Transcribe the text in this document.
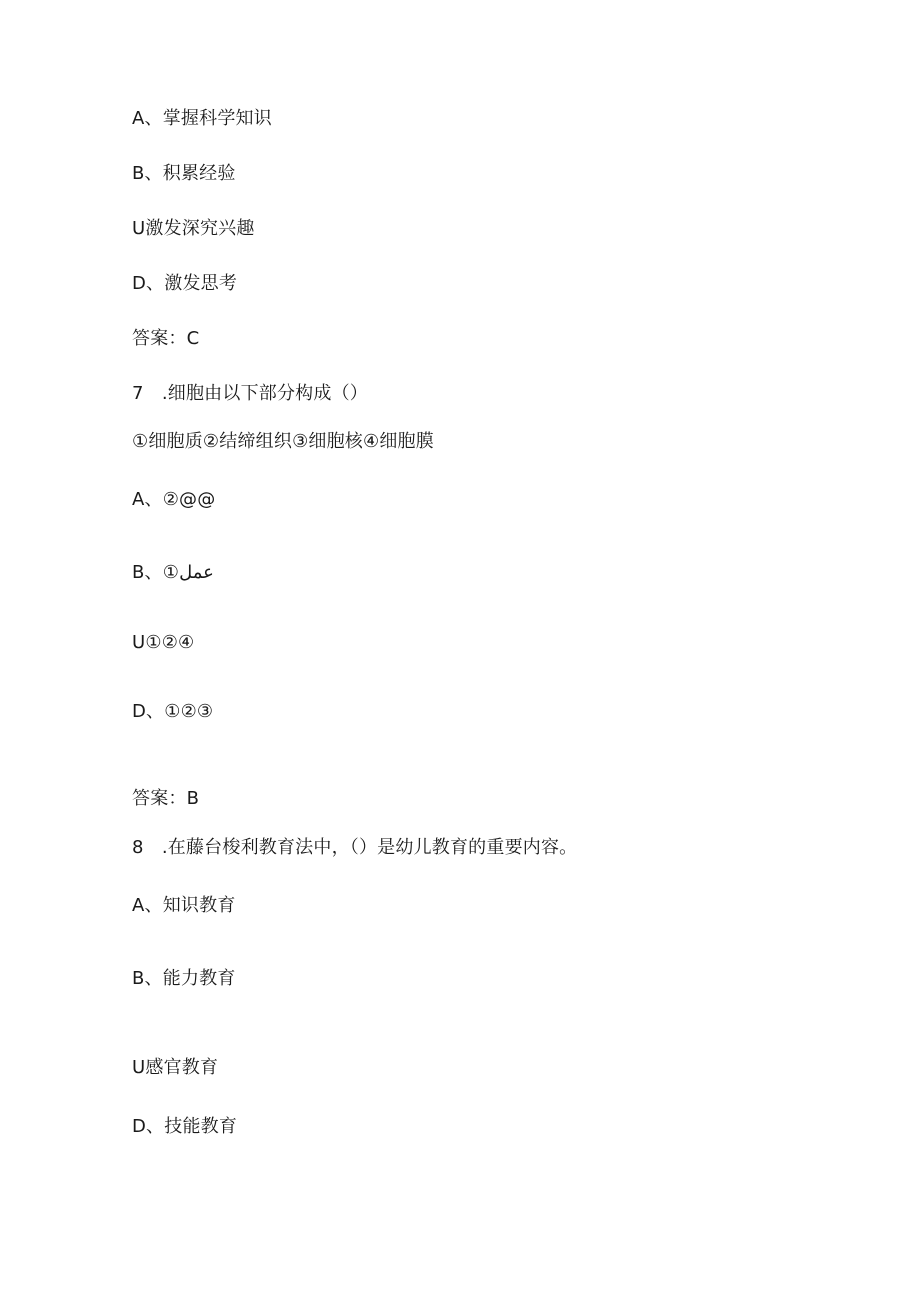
A、掌握科学知识
B、积累经验
U激发深究兴趣
D、激发思考
答案：C
7　.细胞由以下部分构成（）
①细胞质②结缔组织③细胞核④细胞膜
A、②@@
B、①عمل
U①②④
D、①②③
答案：B
8　.在藤台梭利教育法中，（）是幼儿教育的重要内容。
A、知识教育
B、能力教育
U感官教育
D、技能教育
